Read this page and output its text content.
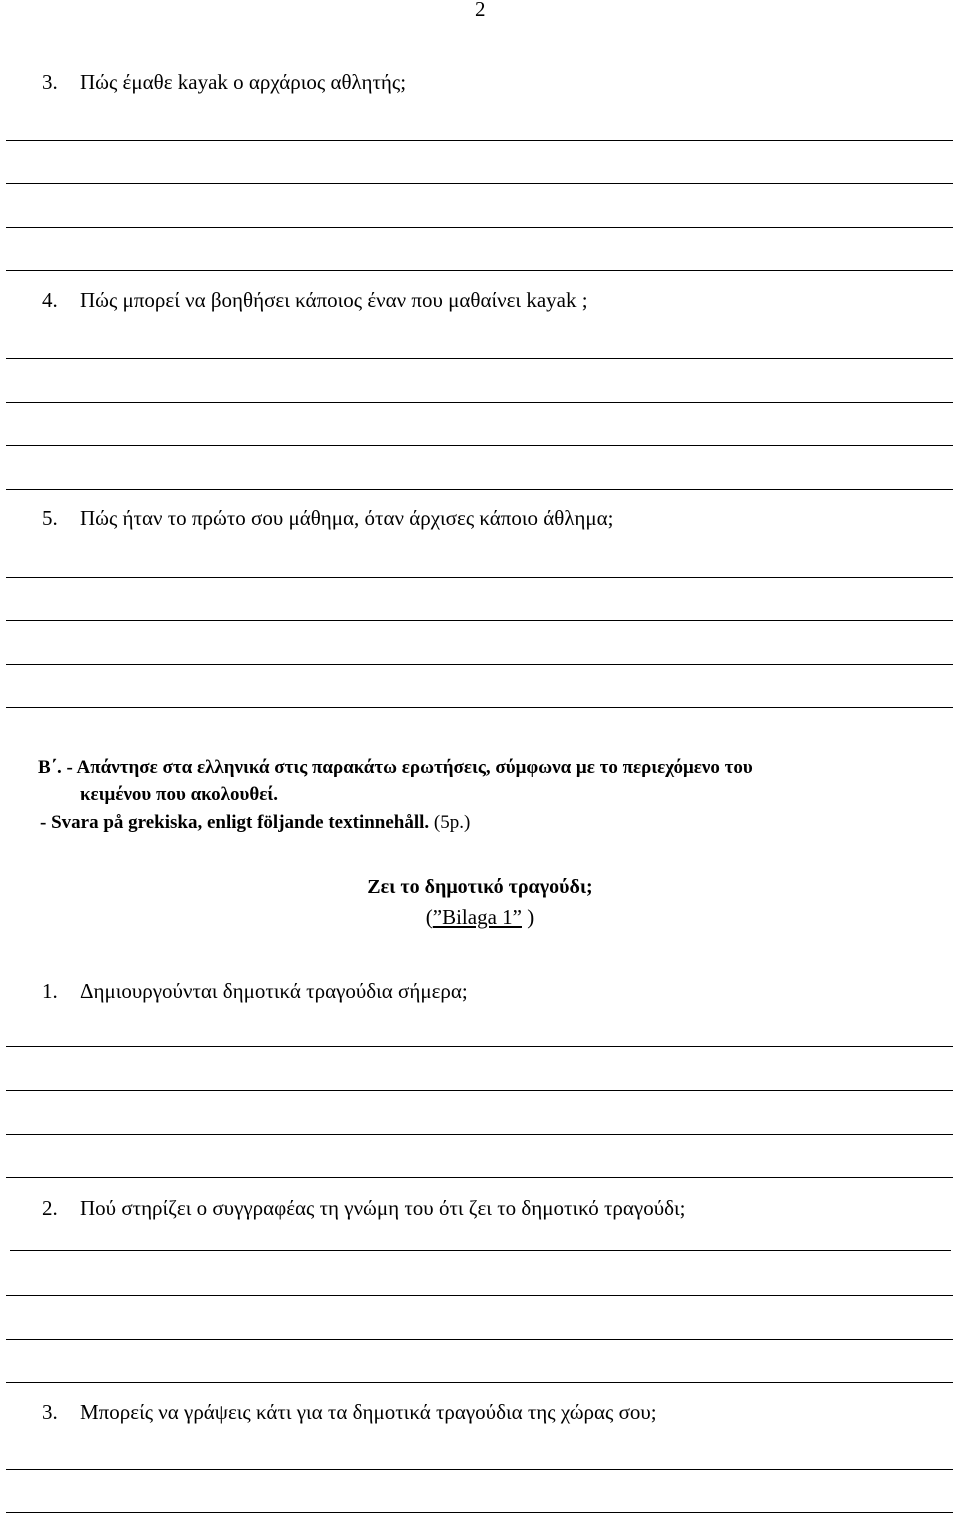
2
3. Πώς έμαθε kayak ο αρχάριος αθλητής;
4. Πώς μπορεί να βοηθήσει κάποιος έναν που μαθαίνει kayak ;
5. Πώς ήταν το πρώτο σου μάθημα, όταν άρχισες κάποιο άθλημα;
Β΄. - Απάντησε στα ελληνικά στις παρακάτω ερωτήσεις, σύμφωνα με το περιεχόμενο του
κειμένου που ακολουθεί.
- Svara på grekiska, enligt följande textinnehåll. (5p.)
Ζει το δημοτικό τραγούδι;
(”Bilaga 1” )
1. Δημιουργούνται δημοτικά τραγούδια σήμερα;
2. Πού στηρίζει ο συγγραφέας τη γνώμη του ότι ζει το δημοτικό τραγούδι;
3. Μπορείς να γράψεις κάτι για τα δημοτικά τραγούδια της χώρας σου;
